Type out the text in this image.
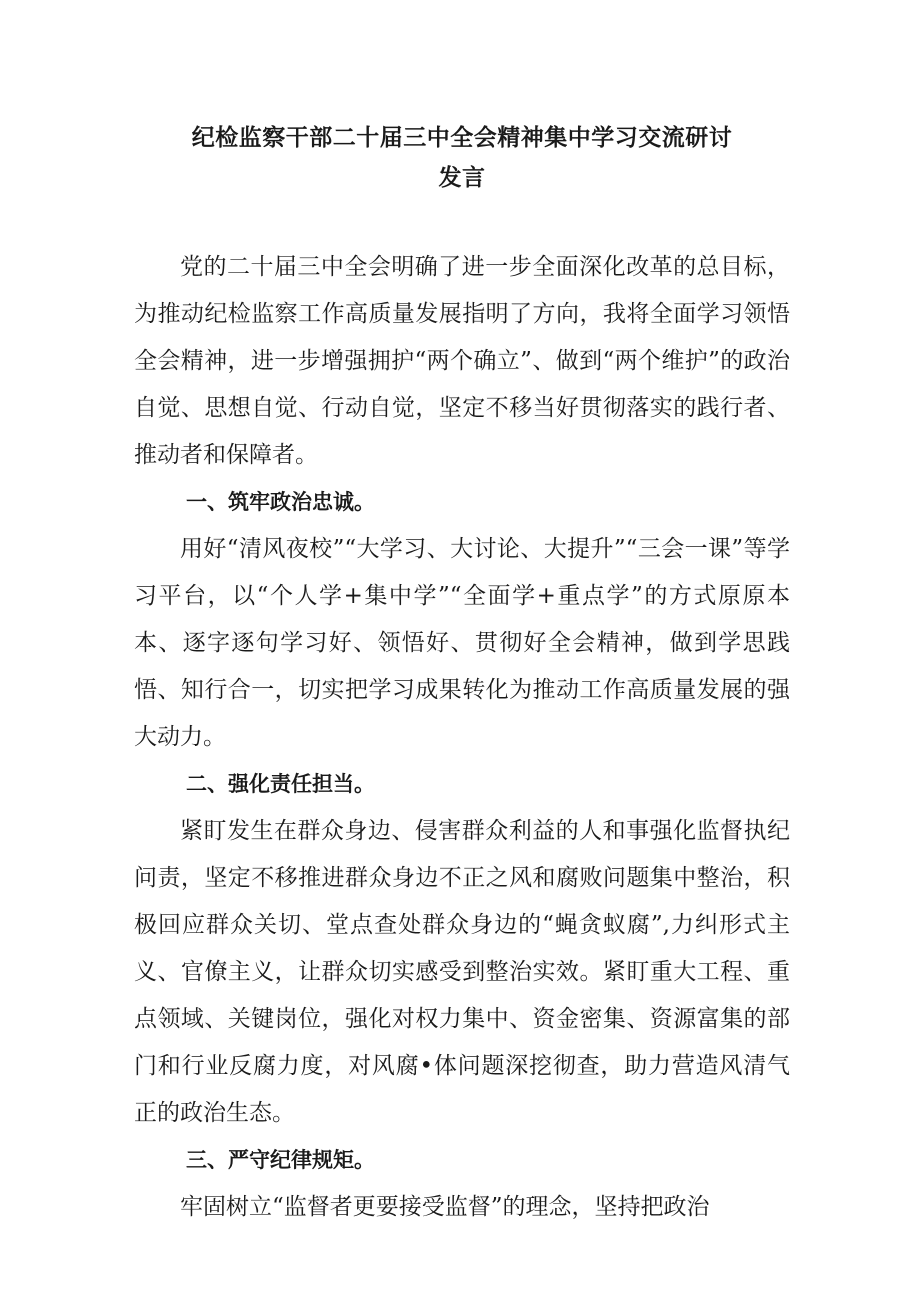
纪检监察干部二十届三中全会精神集中学习交流研讨
发言

党的二十届三中全会明确了进一步全面深化改革的总目标，为推动纪检监察工作高质量发展指明了方向，我将全面学习领悟全会精神，进一步增强拥护“两个确立”、做到“两个维护”的政治自觉、思想自觉、行动自觉，坚定不移当好贯彻落实的践行者、推动者和保障者。

一、筑牢政治忠诚。

用好“清风夜校”“大学习、大讨论、大提升”“三会一课”等学习平台，以“个人学+集中学”“全面学+重点学”的方式原原本本、逐字逐句学习好、领悟好、贯彻好全会精神，做到学思践悟、知行合一，切实把学习成果转化为推动工作高质量发展的强大动力。

二、强化责任担当。

紧盯发生在群众身边、侵害群众利益的人和事强化监督执纪问责，坚定不移推进群众身边不正之风和腐败问题集中整治，积极回应群众关切、堂点查处群众身边的“蝇贪蚁腐”,力纠形式主义、官僚主义，让群众切实感受到整治实效。紧盯重大工程、重点领域、关键岗位，强化对权力集中、资金密集、资源富集的部门和行业反腐力度，对风腐•体问题深挖彻查，助力营造风清气正的政治生态。

三、严守纪律规矩。

牢固树立“监督者更要接受监督”的理念，坚持把政治
